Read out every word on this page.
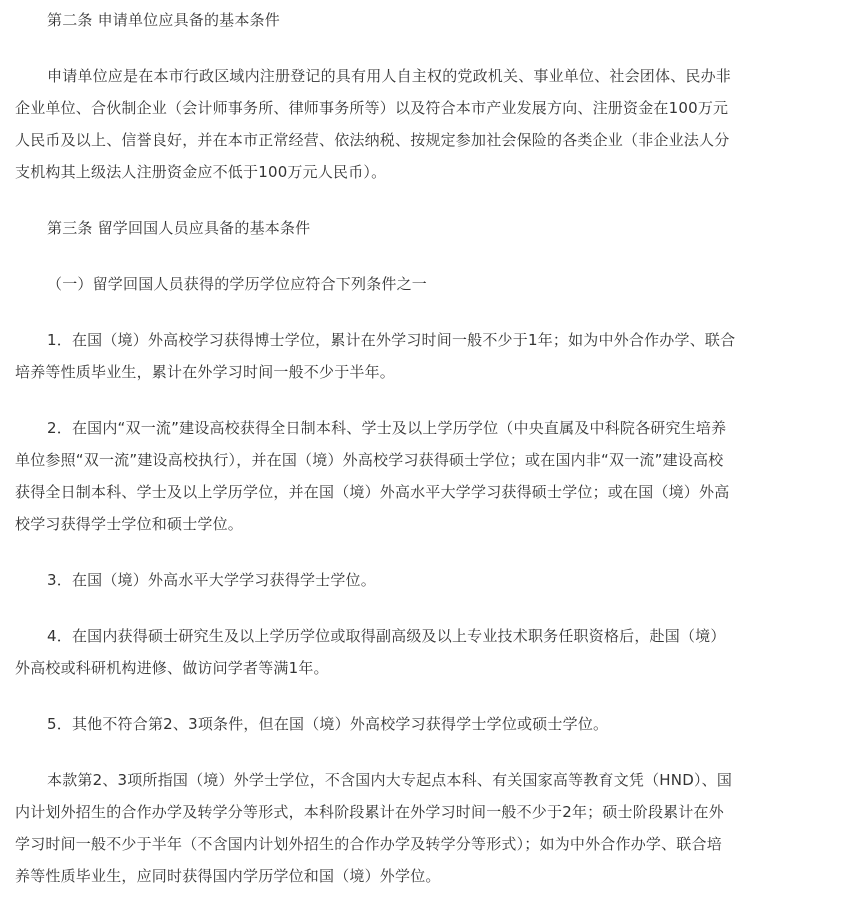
第二条 申请单位应具备的基本条件

申请单位应是在本市行政区域内注册登记的具有用人自主权的党政机关、事业单位、社会团体、民办非企业单位、合伙制企业（会计师事务所、律师事务所等）以及符合本市产业发展方向、注册资金在100万元人民币及以上、信誉良好，并在本市正常经营、依法纳税、按规定参加社会保险的各类企业（非企业法人分支机构其上级法人注册资金应不低于100万元人民币）。

第三条 留学回国人员应具备的基本条件

（一）留学回国人员获得的学历学位应符合下列条件之一

1．在国（境）外高校学习获得博士学位，累计在外学习时间一般不少于1年；如为中外合作办学、联合培养等性质毕业生，累计在外学习时间一般不少于半年。

2．在国内“双一流”建设高校获得全日制本科、学士及以上学历学位（中央直属及中科院各研究生培养单位参照“双一流”建设高校执行），并在国（境）外高校学习获得硕士学位；或在国内非“双一流”建设高校获得全日制本科、学士及以上学历学位，并在国（境）外高水平大学学习获得硕士学位；或在国（境）外高校学习获得学士学位和硕士学位。

3．在国（境）外高水平大学学习获得学士学位。

4．在国内获得硕士研究生及以上学历学位或取得副高级及以上专业技术职务任职资格后，赴国（境）外高校或科研机构进修、做访问学者等满1年。

5．其他不符合第2、3项条件，但在国（境）外高校学习获得学士学位或硕士学位。

本款第2、3项所指国（境）外学士学位，不含国内大专起点本科、有关国家高等教育文凭（HND）、国内计划外招生的合作办学及转学分等形式，本科阶段累计在外学习时间一般不少于2年；硕士阶段累计在外学习时间一般不少于半年（不含国内计划外招生的合作办学及转学分等形式）；如为中外合作办学、联合培养等性质毕业生，应同时获得国内学历学位和国（境）外学位。
